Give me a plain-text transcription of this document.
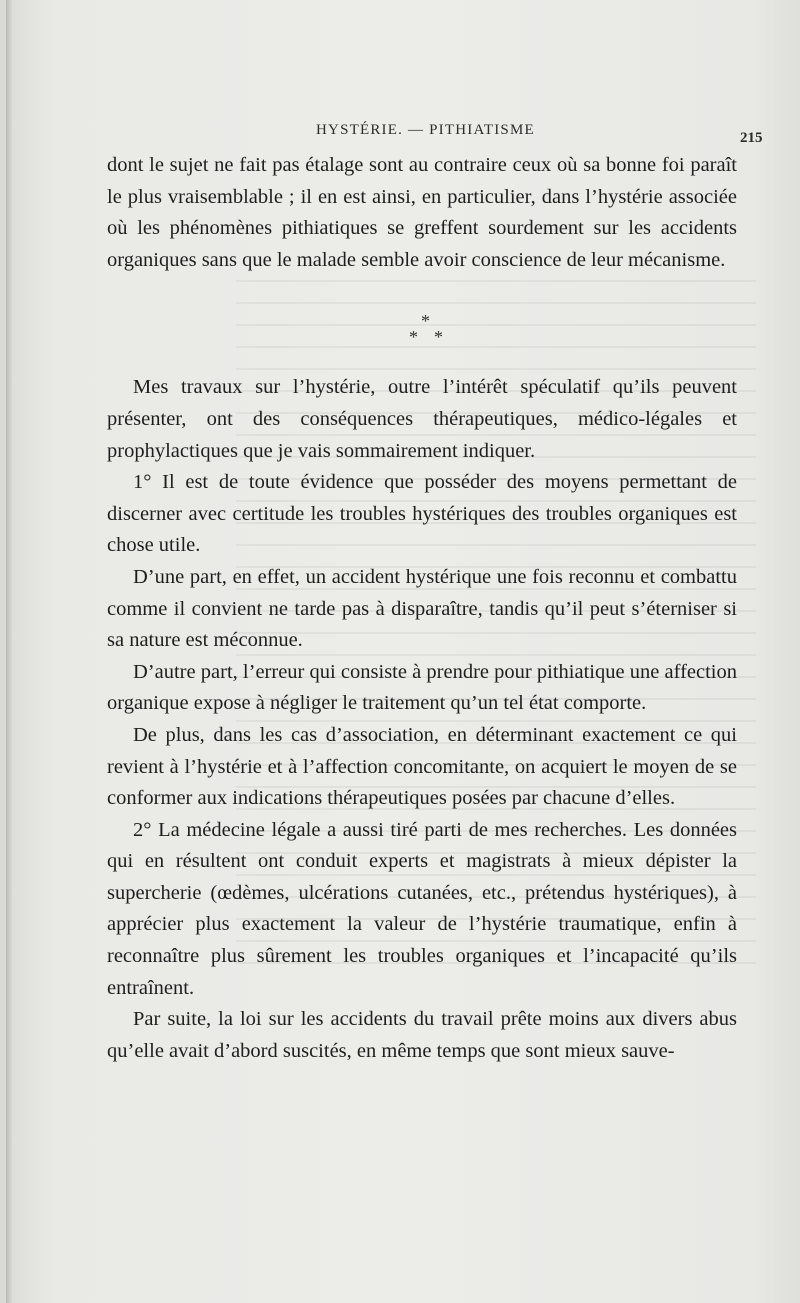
HYSTÉRIE. — PITHIATISME	215

dont le sujet ne fait pas étalage sont au contraire ceux où sa bonne foi paraît le plus vraisemblable ; il en est ainsi, en particulier, dans l’hystérie associée où les phénomènes pithiatiques se greffent sourdement sur les accidents organiques sans que le malade semble avoir conscience de leur mécanisme.

*
* *

Mes travaux sur l’hystérie, outre l’intérêt spéculatif qu’ils peuvent présenter, ont des conséquences thérapeutiques, médico-légales et prophylactiques que je vais sommairement indiquer.

1° Il est de toute évidence que posséder des moyens permettant de discerner avec certitude les troubles hystériques des troubles organiques est chose utile.

D’une part, en effet, un accident hystérique une fois reconnu et combattu comme il convient ne tarde pas à disparaître, tandis qu’il peut s’éterniser si sa nature est méconnue.

D’autre part, l’erreur qui consiste à prendre pour pithiatique une affection organique expose à négliger le traitement qu’un tel état comporte.

De plus, dans les cas d’association, en déterminant exactement ce qui revient à l’hystérie et à l’affection concomitante, on acquiert le moyen de se conformer aux indications thérapeutiques posées par chacune d’elles.

2° La médecine légale a aussi tiré parti de mes recherches. Les données qui en résultent ont conduit experts et magistrats à mieux dépister la supercherie (œdèmes, ulcérations cutanées, etc., prétendus hystériques), à apprécier plus exactement la valeur de l’hystérie traumatique, enfin à reconnaître plus sûrement les troubles organiques et l’incapacité qu’ils entraînent.

Par suite, la loi sur les accidents du travail prête moins aux divers abus qu’elle avait d’abord suscités, en même temps que sont mieux sauve-
